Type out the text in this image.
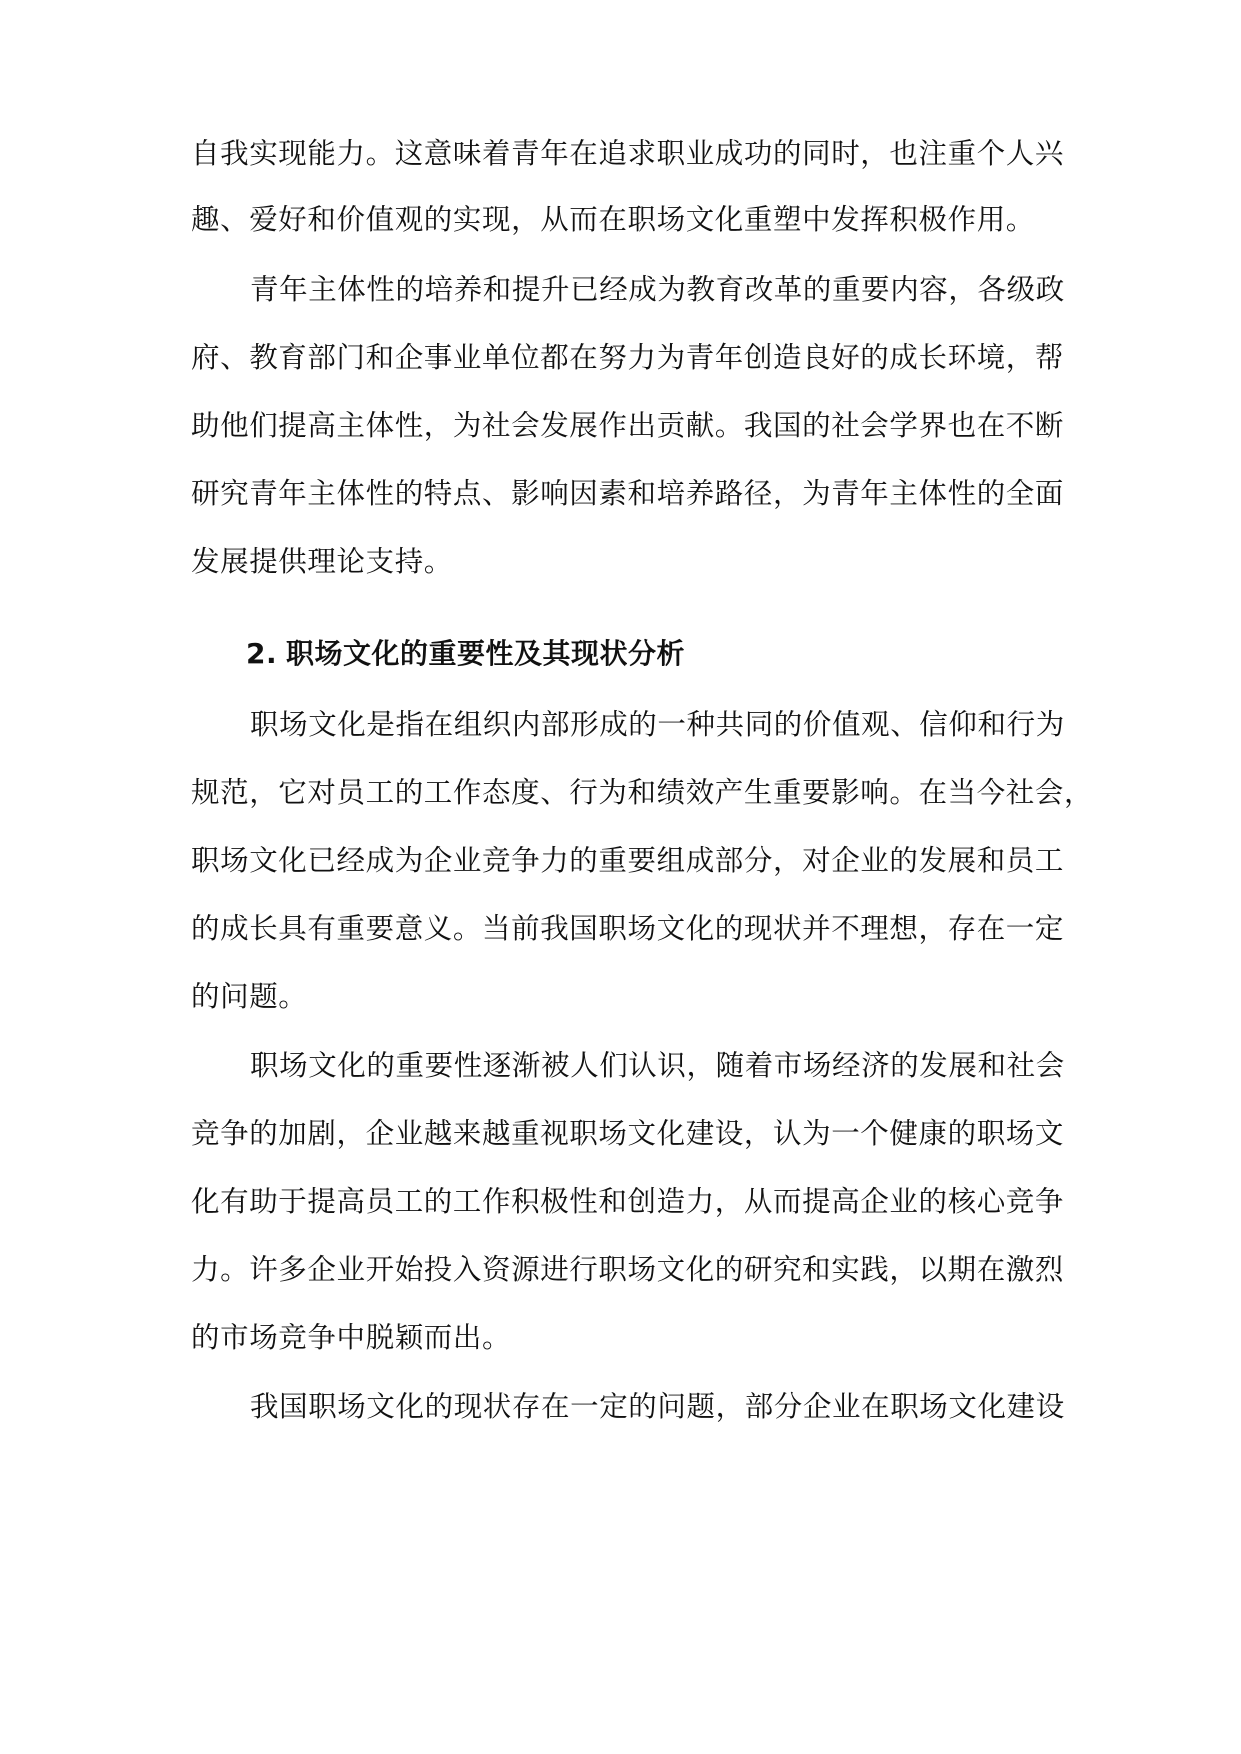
自我实现能力。这意味着青年在追求职业成功的同时，也注重个人兴
趣、爱好和价值观的实现，从而在职场文化重塑中发挥积极作用。
青年主体性的培养和提升已经成为教育改革的重要内容，各级政
府、教育部门和企事业单位都在努力为青年创造良好的成长环境，帮
助他们提高主体性，为社会发展作出贡献。我国的社会学界也在不断
研究青年主体性的特点、影响因素和培养路径，为青年主体性的全面
发展提供理论支持。
2. 职场文化的重要性及其现状分析
职场文化是指在组织内部形成的一种共同的价值观、信仰和行为
规范，它对员工的工作态度、行为和绩效产生重要影响。在当今社会，
职场文化已经成为企业竞争力的重要组成部分，对企业的发展和员工
的成长具有重要意义。当前我国职场文化的现状并不理想，存在一定
的问题。
职场文化的重要性逐渐被人们认识，随着市场经济的发展和社会
竞争的加剧，企业越来越重视职场文化建设，认为一个健康的职场文
化有助于提高员工的工作积极性和创造力，从而提高企业的核心竞争
力。许多企业开始投入资源进行职场文化的研究和实践，以期在激烈
的市场竞争中脱颖而出。
我国职场文化的现状存在一定的问题，部分企业在职场文化建设
